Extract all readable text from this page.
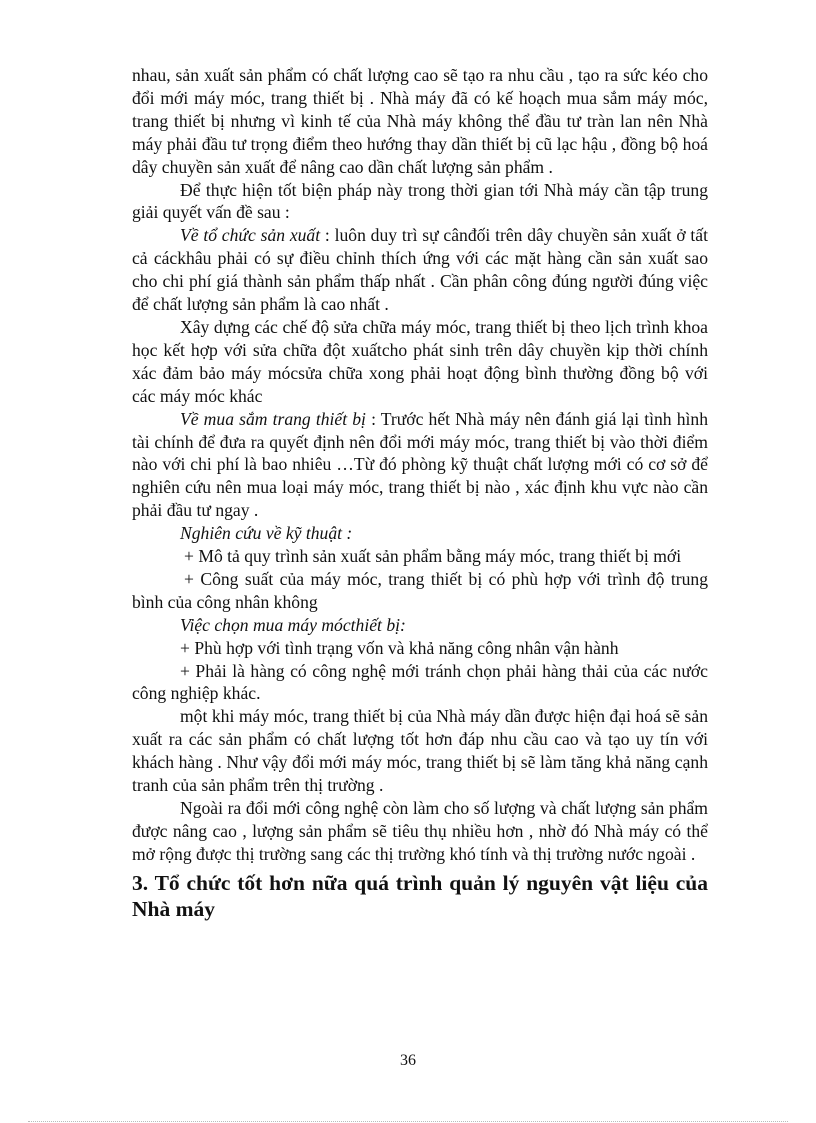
nhau, sản xuất sản phẩm có chất lượng cao sẽ tạo ra nhu cầu , tạo ra sức kéo cho đổi mới máy móc, trang thiết bị . Nhà máy đã có kế hoạch mua sắm máy móc, trang thiết bị nhưng vì kinh tế của Nhà máy không thể đầu tư tràn lan nên Nhà máy phải đầu tư trọng điểm theo hướng thay dần thiết bị cũ lạc hậu , đồng bộ hoá dây chuyền sản xuất để nâng cao dần chất lượng sản phẩm .

Để thực hiện tốt biện pháp này trong thời gian tới Nhà máy cần tập trung giải quyết vấn đề sau :

Về tổ chức sản xuất : luôn duy trì sự cânđối trên dây chuyền sản xuất ở tất cả cáckhâu phải có sự điều chỉnh thích ứng với các mặt hàng cần sản xuất sao cho chi phí giá thành sản phẩm thấp nhất . Cần phân công đúng người đúng việc để chất lượng sản phẩm là cao nhất .

Xây dựng các chế độ sửa chữa máy móc, trang thiết bị theo lịch trình khoa học kết hợp với sửa chữa đột xuấtcho phát sinh trên dây chuyền kịp thời chính xác đảm bảo máy mócsửa chữa xong phải hoạt động bình thường đồng bộ với các máy móc khác

Về mua sắm trang thiết bị : Trước hết Nhà máy nên đánh giá lại tình hình tài chính để đưa ra quyết định nên đổi mới máy móc, trang thiết bị vào thời điểm nào với chi phí là bao nhiêu …Từ đó phòng kỹ thuật chất lượng mới có cơ sở để nghiên cứu nên mua loại máy móc, trang thiết bị nào , xác định khu vực nào cần phải đầu tư ngay .

Nghiên cứu về kỹ thuật :

+ Mô tả quy trình sản xuất sản phẩm bằng máy móc, trang thiết bị mới

+ Công suất của máy móc, trang thiết bị có phù hợp với trình độ trung bình của công nhân không

Việc chọn mua máy mócthiết bị:

+ Phù hợp với tình trạng vốn và khả năng công nhân vận hành

+ Phải là hàng có công nghệ mới tránh chọn phải hàng thải của các nước công nghiệp khác.

một khi máy móc, trang thiết bị của Nhà máy dần được hiện đại hoá sẽ sản xuất ra các sản phẩm có chất lượng tốt hơn đáp nhu cầu cao và tạo uy tín với khách hàng . Như vậy đổi mới máy móc, trang thiết bị sẽ làm tăng khả năng cạnh tranh của sản phẩm trên thị trường .

Ngoài ra đổi mới công nghệ còn làm cho số lượng và chất lượng sản phẩm được nâng cao , lượng sản phẩm sẽ tiêu thụ nhiều hơn , nhờ đó Nhà máy có thể mở rộng được thị trường sang các thị trường khó tính và thị trường nước ngoài .

3. Tổ chức tốt hơn nữa quá trình quản lý nguyên vật liệu của Nhà máy
36
